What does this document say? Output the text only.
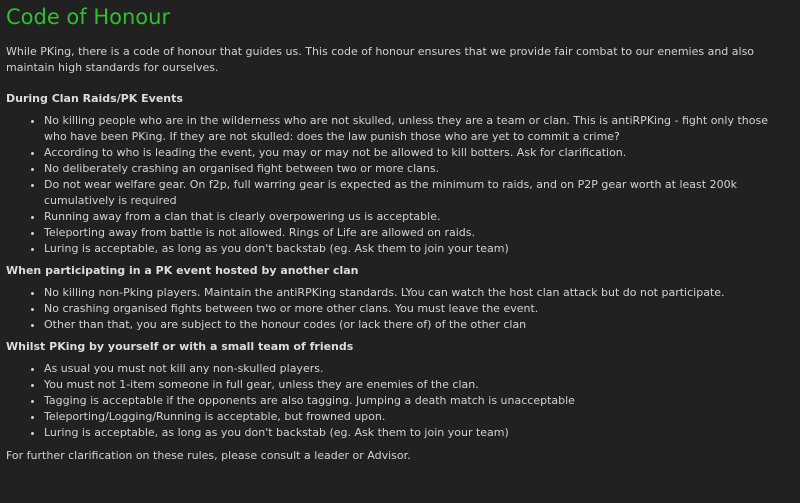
Code of Honour

While PKing, there is a code of honour that guides us. This code of honour ensures that we provide fair combat to our enemies and also maintain high standards for ourselves.

During Clan Raids/PK Events
• No killing people who are in the wilderness who are not skulled, unless they are a team or clan. This is antiRPKing - fight only those who have been PKing. If they are not skulled: does the law punish those who are yet to commit a crime?
• According to who is leading the event, you may or may not be allowed to kill botters. Ask for clarification.
• No deliberately crashing an organised fight between two or more clans.
• Do not wear welfare gear. On f2p, full warring gear is expected as the minimum to raids, and on P2P gear worth at least 200k cumulatively is required
• Running away from a clan that is clearly overpowering us is acceptable.
• Teleporting away from battle is not allowed. Rings of Life are allowed on raids.
• Luring is acceptable, as long as you don't backstab (eg. Ask them to join your team)
When participating in a PK event hosted by another clan
• No killing non-Pking players. Maintain the antiRPKing standards. LYou can watch the host clan attack but do not participate.
• No crashing organised fights between two or more other clans. You must leave the event.
• Other than that, you are subject to the honour codes (or lack there of) of the other clan
Whilst PKing by yourself or with a small team of friends
• As usual you must not kill any non-skulled players.
• You must not 1-item someone in full gear, unless they are enemies of the clan.
• Tagging is acceptable if the opponents are also tagging. Jumping a death match is unacceptable
• Teleporting/Logging/Running is acceptable, but frowned upon.
• Luring is acceptable, as long as you don't backstab (eg. Ask them to join your team)

For further clarification on these rules, please consult a leader or Advisor.
